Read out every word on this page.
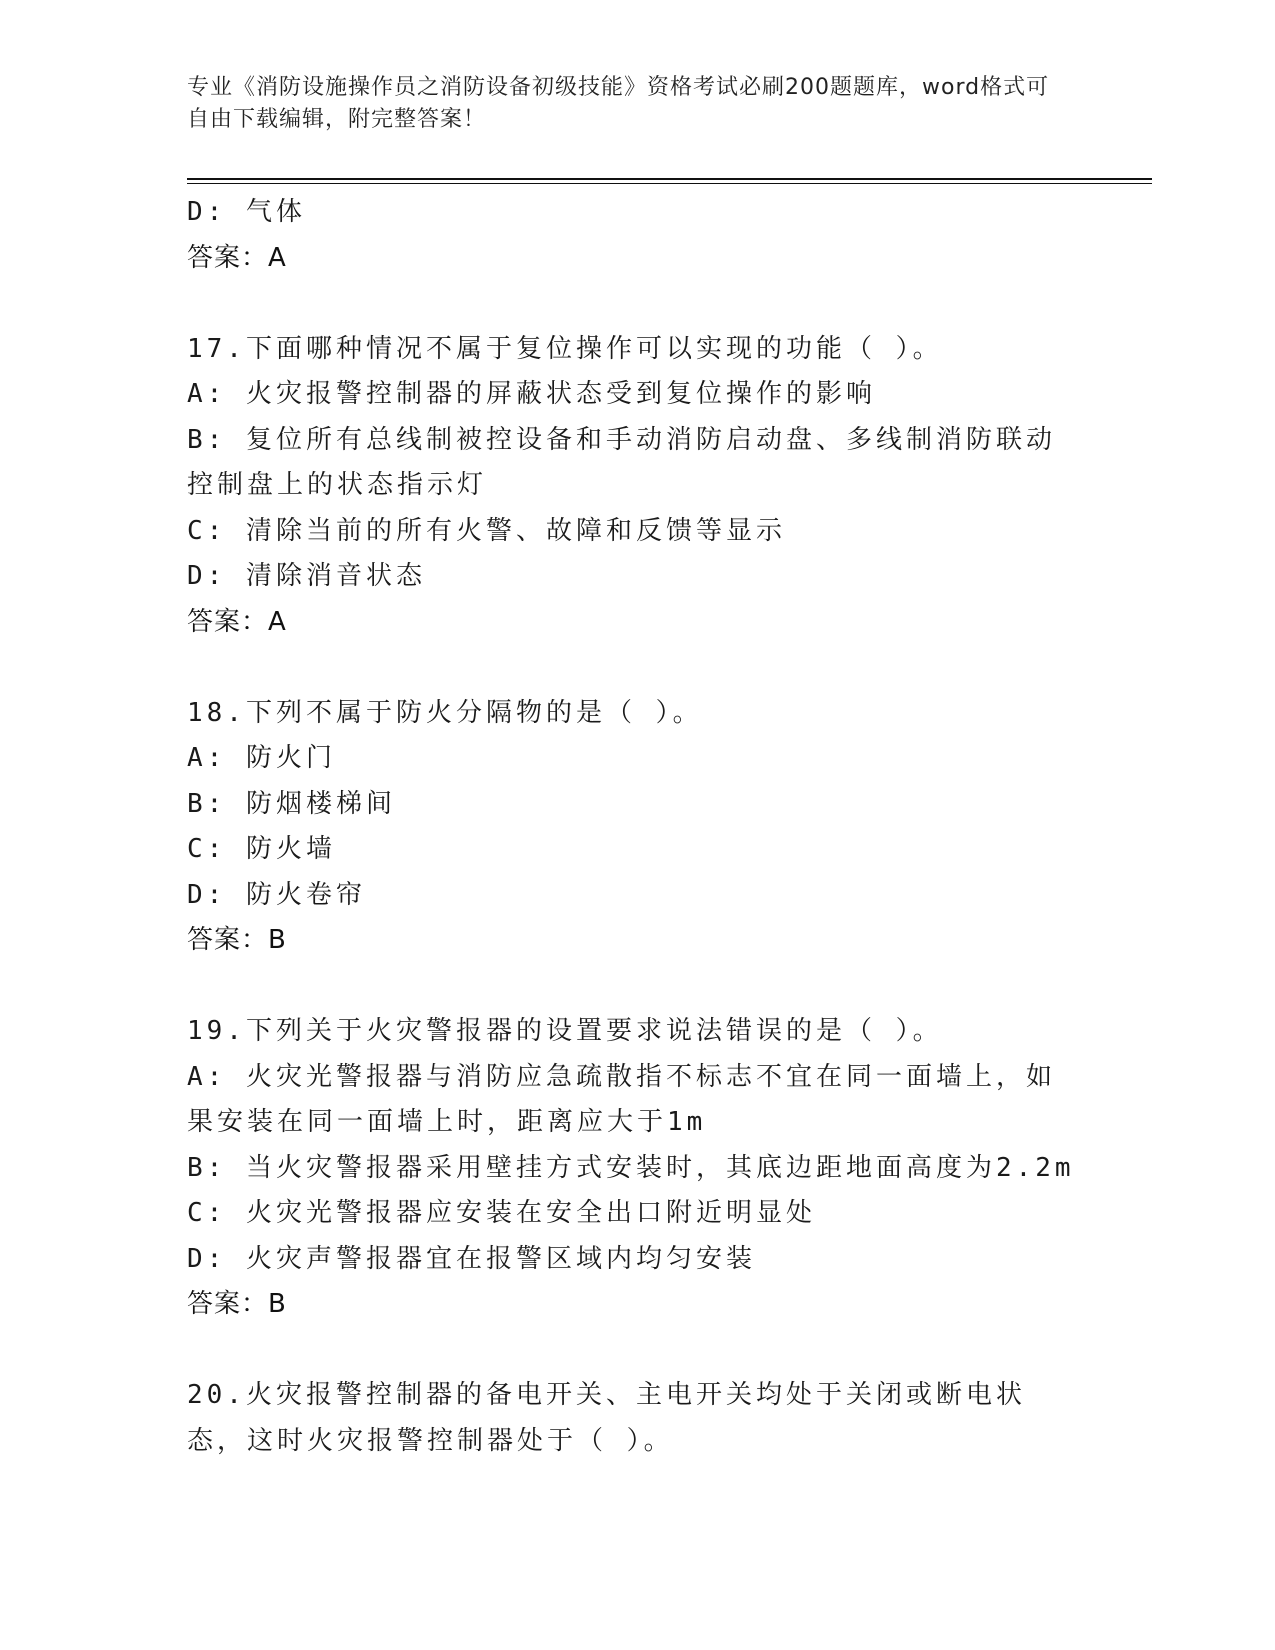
专业《消防设施操作员之消防设备初级技能》资格考试必刷200题题库，word格式可自由下载编辑，附完整答案！
D: 气体
答案：A
17.下面哪种情况不属于复位操作可以实现的功能（ ）。
A: 火灾报警控制器的屏蔽状态受到复位操作的影响
B: 复位所有总线制被控设备和手动消防启动盘、多线制消防联动控制盘上的状态指示灯
C: 清除当前的所有火警、故障和反馈等显示
D: 清除消音状态
答案：A
18.下列不属于防火分隔物的是（ ）。
A: 防火门
B: 防烟楼梯间
C: 防火墙
D: 防火卷帘
答案：B
19.下列关于火灾警报器的设置要求说法错误的是（ ）。
A: 火灾光警报器与消防应急疏散指不标志不宜在同一面墙上，如果安装在同一面墙上时，距离应大于1m
B: 当火灾警报器采用壁挂方式安装时，其底边距地面高度为2.2m
C: 火灾光警报器应安装在安全出口附近明显处
D: 火灾声警报器宜在报警区域内均匀安装
答案：B
20.火灾报警控制器的备电开关、主电开关均处于关闭或断电状态，这时火灾报警控制器处于（ ）。
